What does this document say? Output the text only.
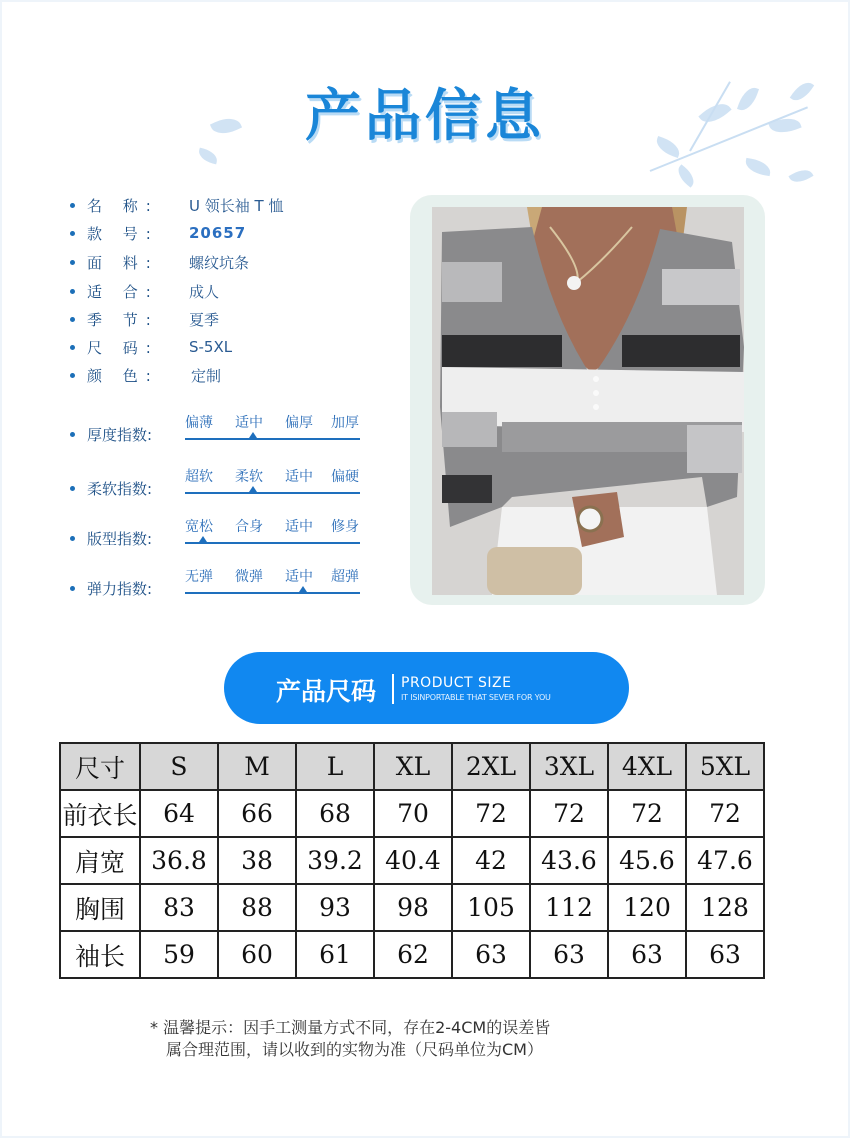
产品信息
名 称:	U 领长袖 T 恤
款 号:	20657
面 料:	螺纹坑条
适 合:	成人
季 节:	夏季
尺 码:	S-5XL
颜 色:	定制
厚度指数:
偏薄 适中 偏厚 加厚
柔软指数:
超软 柔软 适中 偏硬
版型指数:
宽松 合身 适中 修身
弹力指数:
无弹 微弹 适中 超弹
产品尺码 PRODUCT SIZE
IT ISINPORTABLE THAT SEVER FOR YOU
尺寸	S	M	L	XL	2XL	3XL	4XL	5XL
前衣长	64	66	68	70	72	72	72	72
肩宽	36.8	38	39.2	40.4	42	43.6	45.6	47.6
胸围	83	88	93	98	105	112	120	128
袖长	59	60	61	62	63	63	63	63
* 温馨提示：因手工测量方式不同，存在2-4CM的误差皆
属合理范围，请以收到的实物为准（尺码单位为CM）
